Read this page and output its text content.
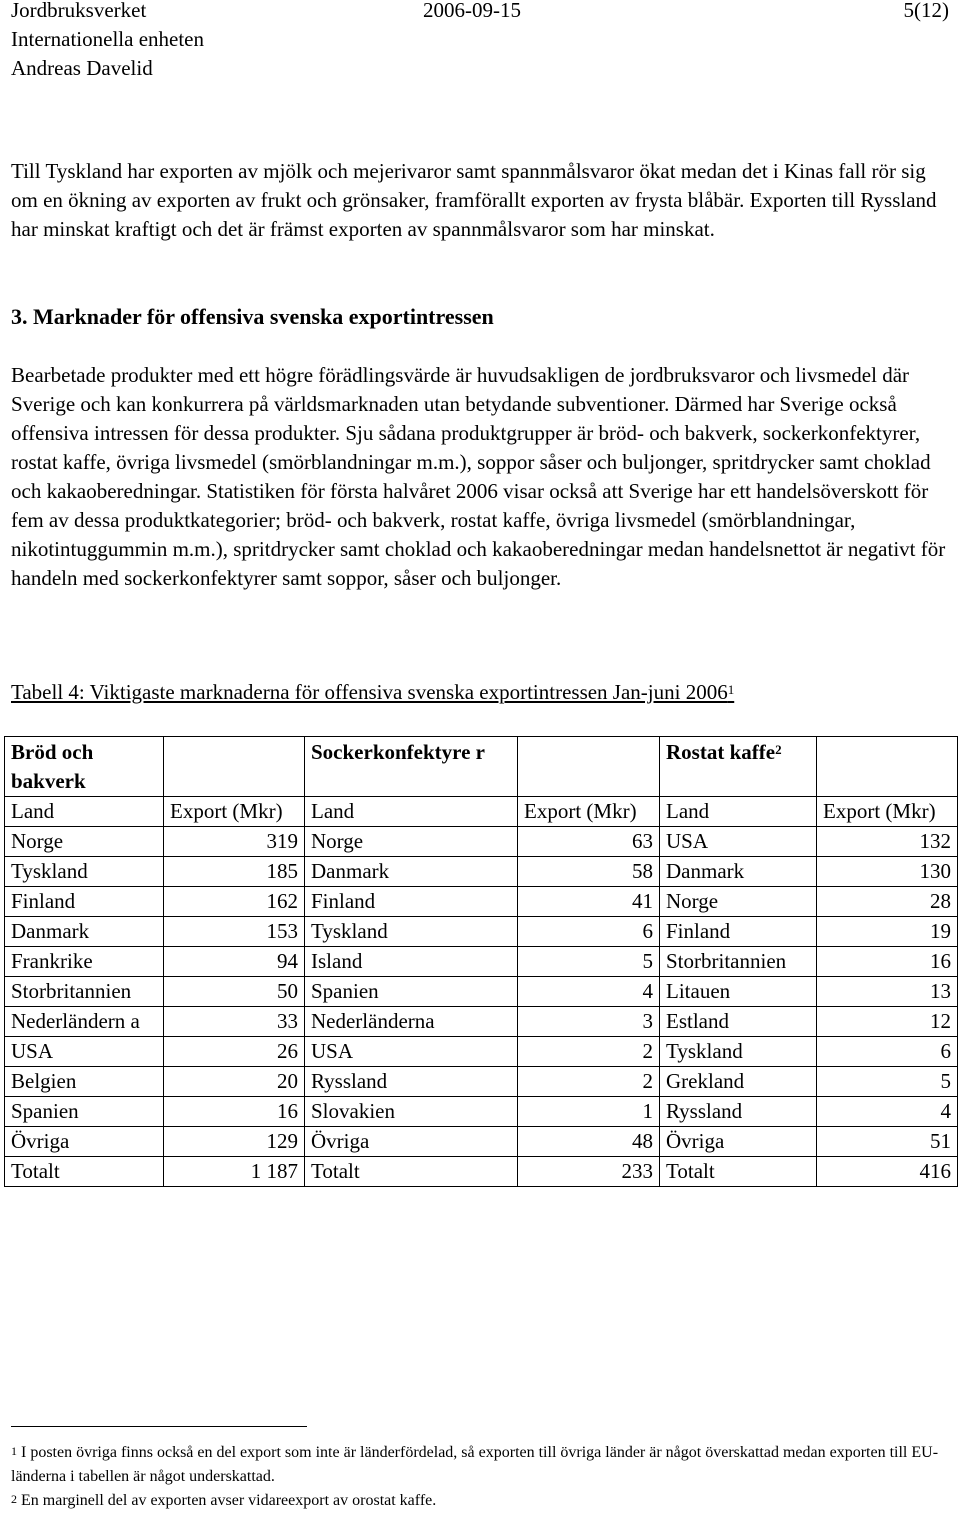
Jordbruksverket	2006-09-15	5(12)
Internationella enheten
Andreas Davelid

Till Tyskland har exporten av mjölk och mejerivaror samt spannmålsvaror ökat medan det i Kinas fall rör sig om en ökning av exporten av frukt och grönsaker, framförallt exporten av frysta blåbär. Exporten till Ryssland har minskat kraftigt och det är främst exporten av spannmålsvaror som har minskat.

3. Marknader för offensiva svenska exportintressen

Bearbetade produkter med ett högre förädlingsvärde är huvudsakligen de jordbruksvaror och livsmedel där Sverige och kan konkurrera på världsmarknaden utan betydande subventioner. Därmed har Sverige också offensiva intressen för dessa produkter. Sju sådana produktgrupper är bröd- och bakverk, sockerkonfektyrer, rostat kaffe, övriga livsmedel (smörblandningar m.m.), soppor såser och buljonger, spritdrycker samt choklad och kakaoberedningar. Statistiken för första halvåret 2006 visar också att Sverige har ett handelsöverskott för fem av dessa produktkategorier; bröd- och bakverk, rostat kaffe, övriga livsmedel (smörblandningar, nikotintuggummin m.m.), spritdrycker samt choklad och kakaoberedningar medan handelsnettot är negativt för handeln med sockerkonfektyrer samt soppor, såser och buljonger.

Tabell 4: Viktigaste marknaderna för offensiva svenska exportintressen Jan-juni 2006$^1$
Bröd och bakverk		Sockerkonfektyre r		Rostat kaffe$^2$	
Land	Export (Mkr)	Land	Export (Mkr)	Land	Export (Mkr)
Norge	319	Norge	63	USA	132
Tyskland	185	Danmark	58	Danmark	130
Finland	162	Finland	41	Norge	28
Danmark	153	Tyskland	6	Finland	19
Frankrike	94	Island	5	Storbritannien	16
Storbritannien	50	Spanien	4	Litauen	13
Nederländern a	33	Nederländerna	3	Estland	12
USA	26	USA	2	Tyskland	6
Belgien	20	Ryssland	2	Grekland	5
Spanien	16	Slovakien	1	Ryssland	4
Övriga	129	Övriga	48	Övriga	51
Totalt	1 187	Totalt	233	Totalt	416
$^1$ I posten övriga finns också en del export som inte är länderfördelad, så exporten till övriga länder är något överskattad medan exporten till EU-länderna i tabellen är något underskattad.
$^2$ En marginell del av exporten avser vidareexport av orostat kaffe.
